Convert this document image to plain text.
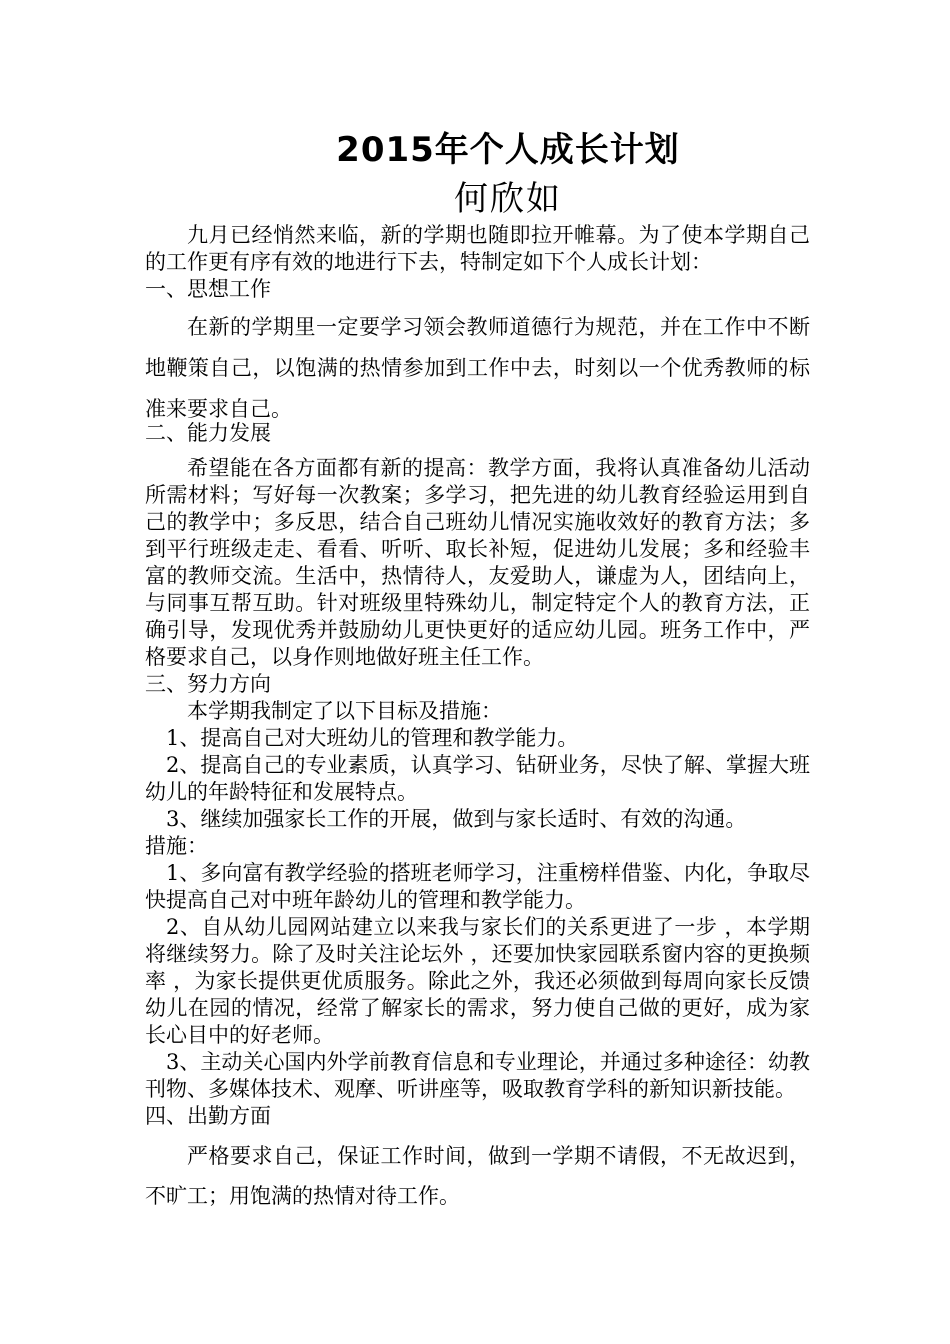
2015年个人成长计划
何欣如

九月已经悄然来临，新的学期也随即拉开帷幕。为了使本学期自己的工作更有序有效的地进行下去，特制定如下个人成长计划：

一、思想工作

在新的学期里一定要学习领会教师道德行为规范，并在工作中不断地鞭策自己，以饱满的热情参加到工作中去，时刻以一个优秀教师的标准来要求自己。

二、能力发展

希望能在各方面都有新的提高：教学方面，我将认真准备幼儿活动所需材料；写好每一次教案；多学习，把先进的幼儿教育经验运用到自己的教学中；多反思，结合自己班幼儿情况实施收效好的教育方法；多到平行班级走走、看看、听听、取长补短，促进幼儿发展；多和经验丰富的教师交流。生活中，热情待人，友爱助人，谦虚为人，团结向上，与同事互帮互助。针对班级里特殊幼儿，制定特定个人的教育方法，正确引导，发现优秀并鼓励幼儿更快更好的适应幼儿园。班务工作中，严格要求自己，以身作则地做好班主任工作。

三、努力方向

本学期我制定了以下目标及措施：

1、提高自己对大班幼儿的管理和教学能力。

2、提高自己的专业素质，认真学习、钻研业务，尽快了解、掌握大班幼儿的年龄特征和发展特点。

3、继续加强家长工作的开展，做到与家长适时、有效的沟通。

措施：

1、多向富有教学经验的搭班老师学习，注重榜样借鉴、内化，争取尽快提高自己对中班年龄幼儿的管理和教学能力。

2、自从幼儿园网站建立以来我与家长们的关系更进了一步 ，本学期将继续努力。除了及时关注论坛外 ，还要加快家园联系窗内容的更换频率 ，为家长提供更优质服务。除此之外，我还必须做到每周向家长反馈幼儿在园的情况，经常了解家长的需求，努力使自己做的更好，成为家长心目中的好老师。

3、主动关心国内外学前教育信息和专业理论，并通过多种途径：幼教刊物、多媒体技术、观摩、听讲座等，吸取教育学科的新知识新技能。

四、出勤方面

严格要求自己，保证工作时间，做到一学期不请假，不无故迟到，不旷工；用饱满的热情对待工作。
